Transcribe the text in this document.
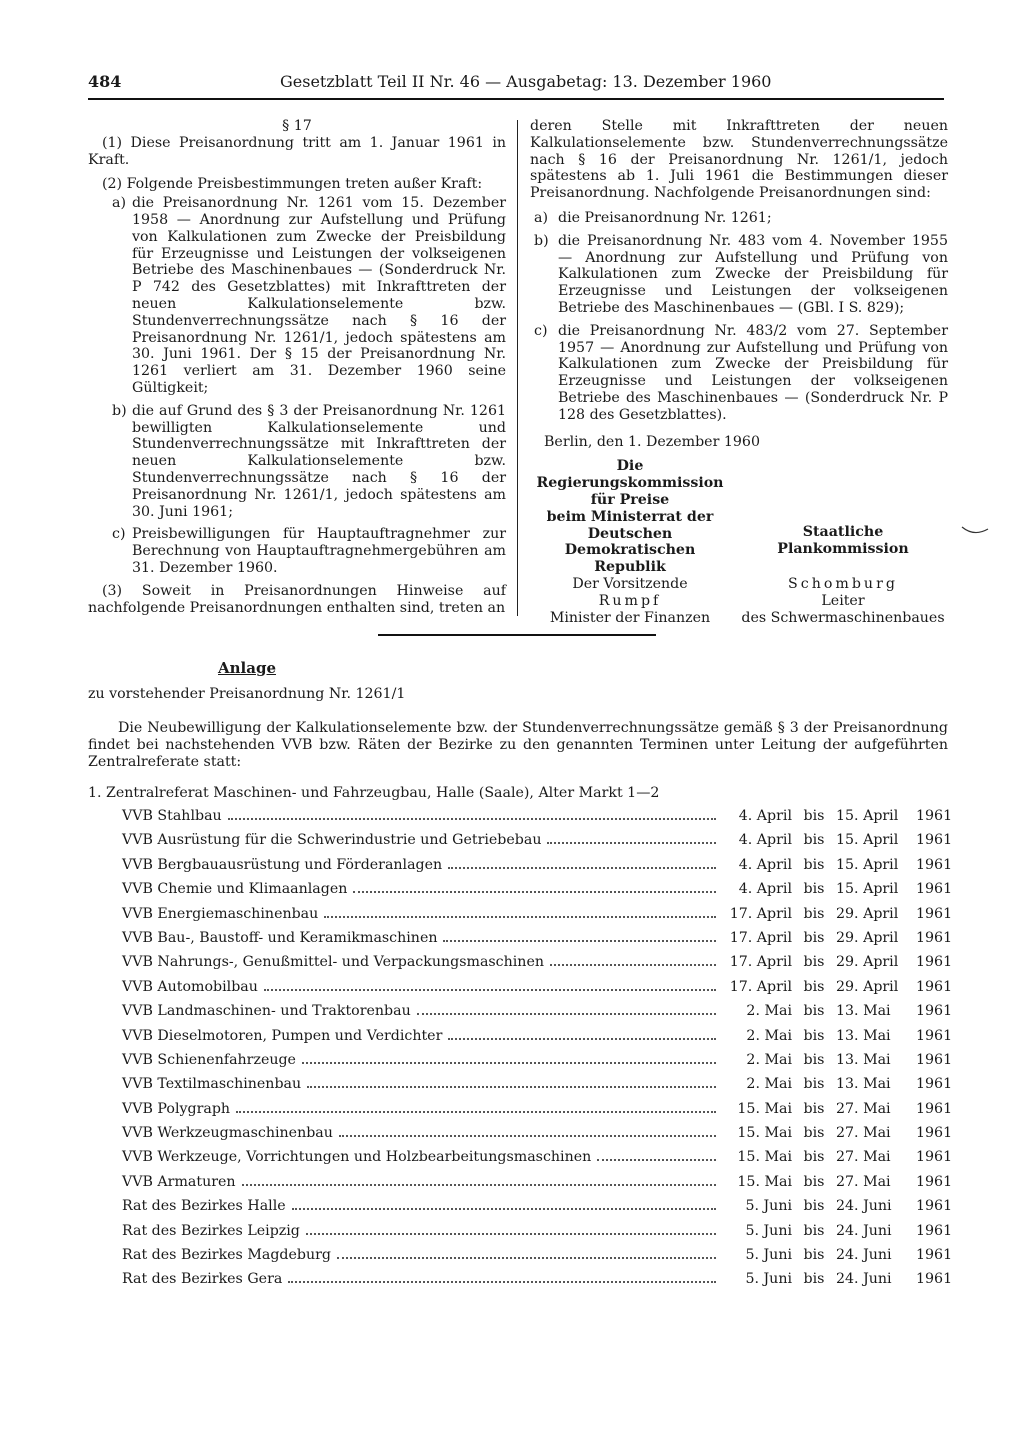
484	Gesetzblatt Teil II Nr. 46 — Ausgabetag: 13. Dezember 1960
§ 17

(1) Diese Preisanordnung tritt am 1. Januar 1961 in Kraft.

(2) Folgende Preisbestimmungen treten außer Kraft:

a) die Preisanordnung Nr. 1261 vom 15. Dezember 1958 — Anordnung zur Aufstellung und Prüfung von Kalkulationen zum Zwecke der Preisbildung für Erzeugnisse und Leistungen der volkseigenen Betriebe des Maschinenbaues — (Sonderdruck Nr. P 742 des Gesetzblattes) mit Inkrafttreten der neuen Kalkulationselemente bzw. Stundenverrechnungssätze nach § 16 der Preisanordnung Nr. 1261/1, jedoch spätestens am 30. Juni 1961. Der § 15 der Preisanordnung Nr. 1261 verliert am 31. Dezember 1960 seine Gültigkeit;
b) die auf Grund des § 3 der Preisanordnung Nr. 1261 bewilligten Kalkulationselemente und Stundenverrechnungssätze mit Inkrafttreten der neuen Kalkulationselemente bzw. Stundenverrechnungssätze nach § 16 der Preisanordnung Nr. 1261/1, jedoch spätestens am 30. Juni 1961;
c) Preisbewilligungen für Hauptauftragnehmer zur Berechnung von Hauptauftragnehmergebühren am 31. Dezember 1960.

(3) Soweit in Preisanordnungen Hinweise auf nachfolgende Preisanordnungen enthalten sind, treten an

deren Stelle mit Inkrafttreten der neuen Kalkulationselemente bzw. Stundenverrechnungssätze nach § 16 der Preisanordnung Nr. 1261/1, jedoch spätestens ab 1. Juli 1961 die Bestimmungen dieser Preisanordnung. Nachfolgende Preisanordnungen sind:

a) die Preisanordnung Nr. 1261;
b) die Preisanordnung Nr. 483 vom 4. November 1955 — Anordnung zur Aufstellung und Prüfung von Kalkulationen zum Zwecke der Preisbildung für Erzeugnisse und Leistungen der volkseigenen Betriebe des Maschinenbaues — (GBl. I S. 829);
c) die Preisanordnung Nr. 483/2 vom 27. September 1957 — Anordnung zur Aufstellung und Prüfung von Kalkulationen zum Zwecke der Preisbildung für Erzeugnisse und Leistungen der volkseigenen Betriebe des Maschinenbaues — (Sonderdruck Nr. P 128 des Gesetzblattes).
Berlin, den 1. Dezember 1960
Die Regierungskommission
für Preise
beim Ministerrat der
Deutschen Demokratischen
Republik
Der Vorsitzende
Rumpf
Minister der Finanzen
Staatliche Plankommission
Schomburg
Leiter
des Schwermaschinenbaues
Anlage
zu vorstehender Preisanordnung Nr. 1261/1
Die Neubewilligung der Kalkulationselemente bzw. der Stundenverrechnungssätze gemäß § 3 der Preisanordnung findet bei nachstehenden VVB bzw. Räten der Bezirke zu den genannten Terminen unter Leitung der aufgeführten Zentralreferate statt:
1. Zentralreferat Maschinen- und Fahrzeugbau, Halle (Saale), Alter Markt 1—2
VVB Stahlbau	4. April bis 15. April	1961
VVB Ausrüstung für die Schwerindustrie und Getriebebau	4. April bis 15. April	1961
VVB Bergbauausrüstung und Förderanlagen	4. April bis 15. April	1961
VVB Chemie und Klimaanlagen	4. April bis 15. April	1961
VVB Energiemaschinenbau	17. April bis 29. April	1961
VVB Bau-, Baustoff- und Keramikmaschinen	17. April bis 29. April	1961
VVB Nahrungs-, Genußmittel- und Verpackungsmaschinen	17. April bis 29. April	1961
VVB Automobilbau	17. April bis 29. April	1961
VVB Landmaschinen- und Traktorenbau	2. Mai bis 13. Mai	1961
VVB Dieselmotoren, Pumpen und Verdichter	2. Mai bis 13. Mai	1961
VVB Schienenfahrzeuge	2. Mai bis 13. Mai	1961
VVB Textilmaschinenbau	2. Mai bis 13. Mai	1961
VVB Polygraph	15. Mai bis 27. Mai	1961
VVB Werkzeugmaschinenbau	15. Mai bis 27. Mai	1961
VVB Werkzeuge, Vorrichtungen und Holzbearbeitungsmaschinen	15. Mai bis 27. Mai	1961
VVB Armaturen	15. Mai bis 27. Mai	1961
Rat des Bezirkes Halle	5. Juni bis 24. Juni	1961
Rat des Bezirkes Leipzig	5. Juni bis 24. Juni	1961
Rat des Bezirkes Magdeburg	5. Juni bis 24. Juni	1961
Rat des Bezirkes Gera	5. Juni bis 24. Juni	1961
